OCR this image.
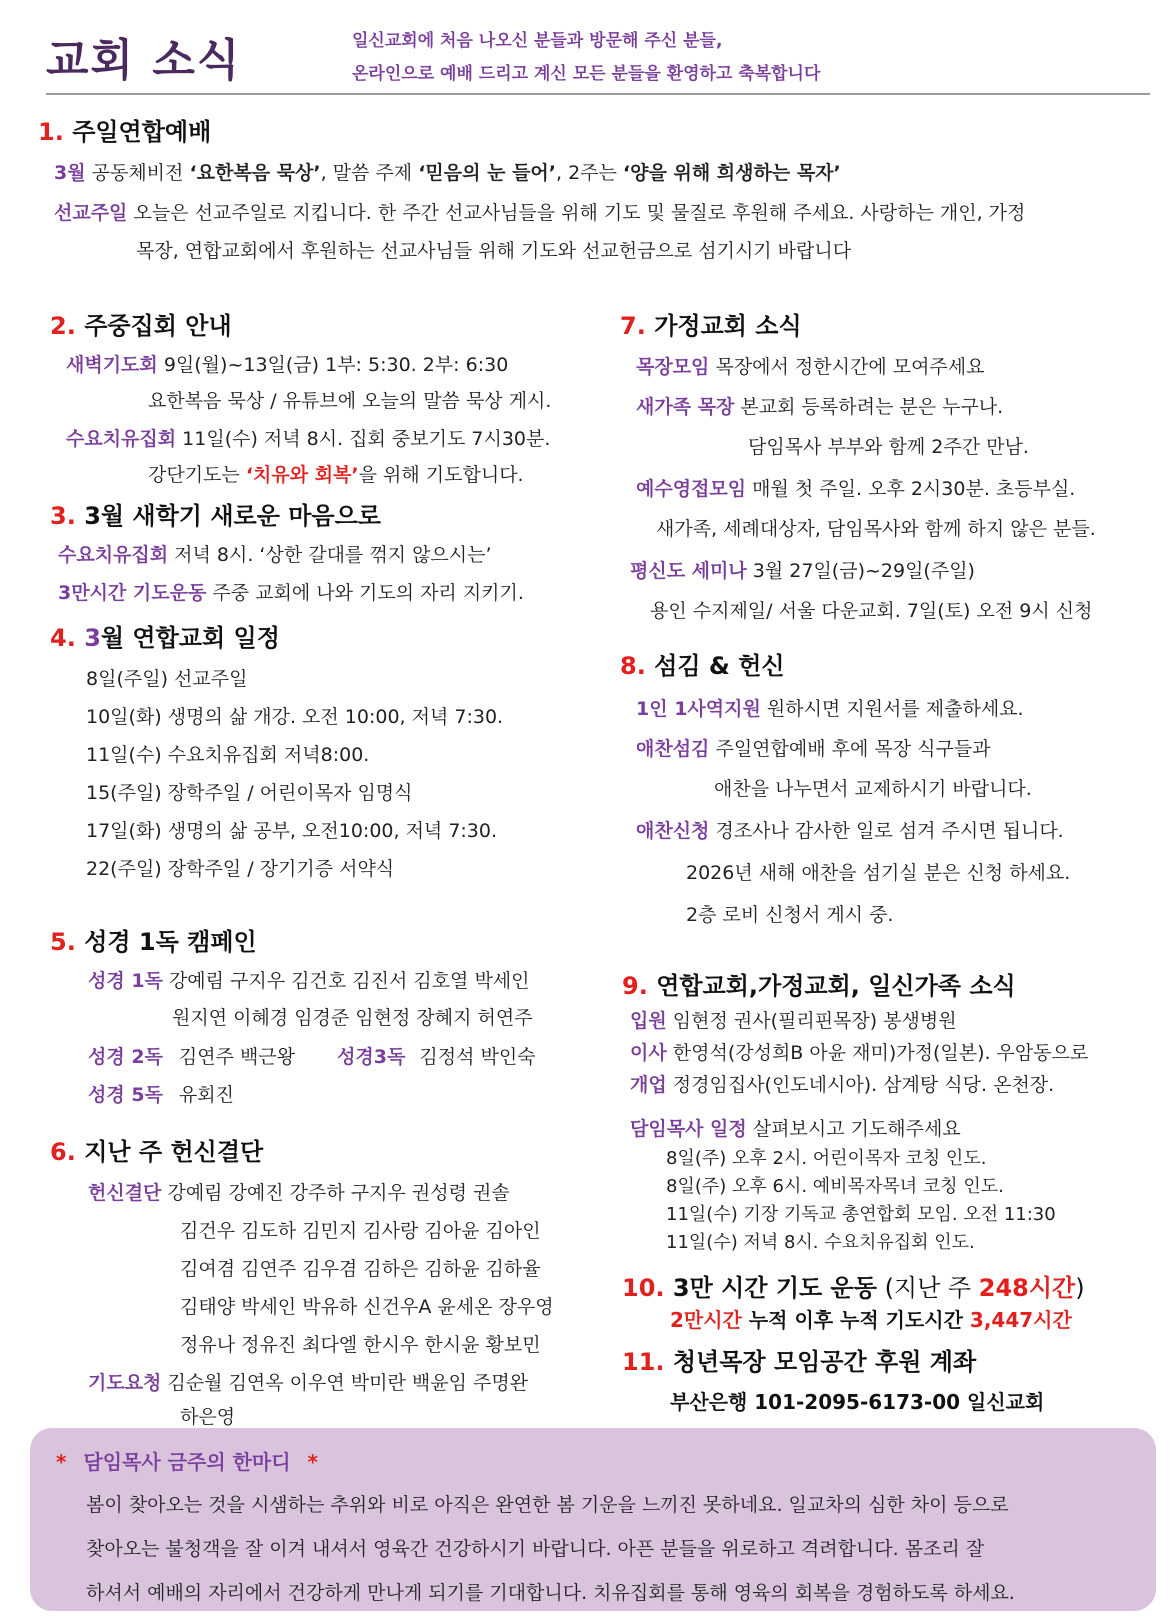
교회 소식	일신교회에 처음 나오신 분들과 방문해 주신 분들,
온라인으로 예배 드리고 계신 모든 분들을 환영하고 축복합니다
1. 주일연합예배
3월 공동체비전 ‘요한복음 묵상’, 말씀 주제 ‘믿음의 눈 들어’, 2주는 ‘양을 위해 희생하는 목자’
선교주일 오늘은 선교주일로 지킵니다. 한 주간 선교사님들을 위해 기도 및 물질로 후원해 주세요. 사랑하는 개인, 가정
목장, 연합교회에서 후원하는 선교사님들 위해 기도와 선교헌금으로 섬기시기 바랍니다
2. 주중집회 안내
새벽기도회 9일(월)~13일(금) 1부: 5:30. 2부: 6:30
요한복음 묵상 / 유튜브에 오늘의 말씀 묵상 게시.
수요치유집회 11일(수) 저녁 8시. 집회 중보기도 7시30분.
강단기도는 ‘치유와 회복’을 위해 기도합니다.
3. 3월 새학기 새로운 마음으로
수요치유집회 저녁 8시. ‘상한 갈대를 꺾지 않으시는’
3만시간 기도운동 주중 교회에 나와 기도의 자리 지키기.
4. 3월 연합교회 일정
8일(주일) 선교주일
10일(화) 생명의 삶 개강. 오전 10:00, 저녁 7:30.
11일(수) 수요치유집회 저녁8:00.
15(주일) 장학주일 / 어린이목자 임명식
17일(화) 생명의 삶 공부, 오전10:00, 저녁 7:30.
22(주일) 장학주일 / 장기기증 서약식
5. 성경 1독 캠페인
성경 1독 강예림 구지우 김건호 김진서 김호열 박세인
원지연 이혜경 임경준 임현정 장혜지 허연주
성경 2독 김연주 백근왕 성경3독 김정석 박인숙
성경 5독 유회진
6. 지난 주 헌신결단
헌신결단 강예림 강예진 강주하 구지우 권성령 권솔
김건우 김도하 김민지 김사랑 김아윤 김아인
김여겸 김연주 김우겸 김하은 김하윤 김하율
김태양 박세인 박유하 신건우A 윤세온 장우영
정유나 정유진 최다엘 한시우 한시윤 황보민
기도요청 김순월 김연옥 이우연 박미란 백윤임 주명완
하은영
7. 가정교회 소식
목장모임 목장에서 정한시간에 모여주세요
새가족 목장 본교회 등록하려는 분은 누구나.
담임목사 부부와 함께 2주간 만남.
예수영접모임 매월 첫 주일. 오후 2시30분. 초등부실.
새가족, 세례대상자, 담임목사와 함께 하지 않은 분들.
평신도 세미나 3월 27일(금)~29일(주일)
용인 수지제일/ 서울 다운교회. 7일(토) 오전 9시 신청
8. 섬김 & 헌신
1인 1사역지원 원하시면 지원서를 제출하세요.
애찬섬김 주일연합예배 후에 목장 식구들과
애찬을 나누면서 교제하시기 바랍니다.
애찬신청 경조사나 감사한 일로 섬겨 주시면 됩니다.
2026년 새해 애찬을 섬기실 분은 신청 하세요.
2층 로비 신청서 게시 중.
9. 연합교회,가정교회, 일신가족 소식
입원 임현정 권사(필리핀목장) 봉생병원
이사 한영석(강성희B 아윤 재미)가정(일본). 우암동으로
개업 정경임집사(인도네시아). 삼계탕 식당. 온천장.
담임목사 일정 살펴보시고 기도해주세요
8일(주) 오후 2시. 어린이목자 코칭 인도.
8일(주) 오후 6시. 예비목자목녀 코칭 인도.
11일(수) 기장 기독교 총연합회 모임. 오전 11:30
11일(수) 저녁 8시. 수요치유집회 인도.
10. 3만 시간 기도 운동 (지난 주 248시간)
2만시간 누적 이후 누적 기도시간 3,447시간
11. 청년목장 모임공간 후원 계좌
부산은행 101-2095-6173-00 일신교회
* 담임목사 금주의 한마디 *
봄이 찾아오는 것을 시샘하는 추위와 비로 아직은 완연한 봄 기운을 느끼진 못하네요. 일교차의 심한 차이 등으로
찾아오는 불청객을 잘 이겨 내셔서 영육간 건강하시기 바랍니다. 아픈 분들을 위로하고 격려합니다. 몸조리 잘
하셔서 예배의 자리에서 건강하게 만나게 되기를 기대합니다. 치유집회를 통해 영육의 회복을 경험하도록 하세요.
